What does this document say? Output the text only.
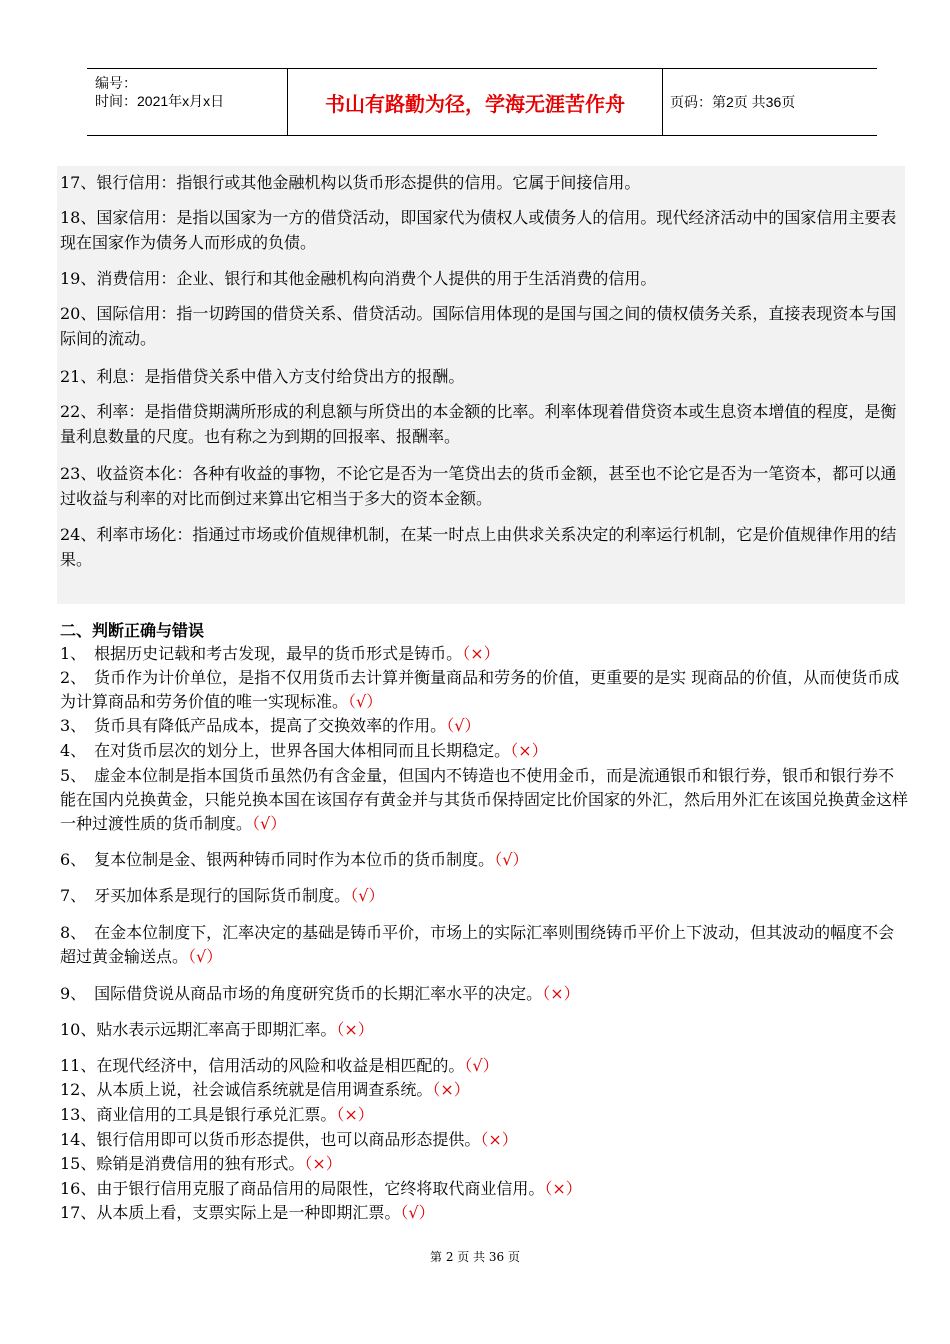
编号：
时间：2021年x月x日	书山有路勤为径，学海无涯苦作舟	页码：第2页 共36页

17、银行信用：指银行或其他金融机构以货币形态提供的信用。它属于间接信用。

18、国家信用：是指以国家为一方的借贷活动，即国家代为债权人或债务人的信用。现代经济活动中的国家信用主要表现在国家作为债务人而形成的负债。

19、消费信用：企业、银行和其他金融机构向消费个人提供的用于生活消费的信用。

20、国际信用：指一切跨国的借贷关系、借贷活动。国际信用体现的是国与国之间的债权债务关系，直接表现资本与国际间的流动。

21、利息：是指借贷关系中借入方支付给贷出方的报酬。

22、利率：是指借贷期满所形成的利息额与所贷出的本金额的比率。利率体现着借贷资本或生息资本增值的程度，是衡量利息数量的尺度。也有称之为到期的回报率、报酬率。

23、收益资本化：各种有收益的事物，不论它是否为一笔贷出去的货币金额，甚至也不论它是否为一笔资本，都可以通过收益与利率的对比而倒过来算出它相当于多大的资本金额。

24、利率市场化：指通过市场或价值规律机制，在某一时点上由供求关系决定的利率运行机制，它是价值规律作用的结果。

二、判断正确与错误
1、　根据历史记载和考古发现，最早的货币形式是铸币。（×）
2、　货币作为计价单位，是指不仅用货币去计算并衡量商品和劳务的价值，更重要的是实 现商品的价值，从而使货币成为计算商品和劳务价值的唯一实现标准。（√）
3、　货币具有降低产品成本，提高了交换效率的作用。（√）
4、　在对货币层次的划分上，世界各国大体相同而且长期稳定。（×）
5、　虚金本位制是指本国货币虽然仍有含金量，但国内不铸造也不使用金币，而是流通银币和银行券，银币和银行券不能在国内兑换黄金，只能兑换本国在该国存有黄金并与其货币保持固定比价国家的外汇，然后用外汇在该国兑换黄金这样一种过渡性质的货币制度。（√）
6、　复本位制是金、银两种铸币同时作为本位币的货币制度。（√）
7、　牙买加体系是现行的国际货币制度。（√）
8、　在金本位制度下，汇率决定的基础是铸币平价，市场上的实际汇率则围绕铸币平价上下波动，但其波动的幅度不会超过黄金输送点。（√）
9、　国际借贷说从商品市场的角度研究货币的长期汇率水平的决定。（×）
10、贴水表示远期汇率高于即期汇率。（×）
11、在现代经济中，信用活动的风险和收益是相匹配的。（√）
12、从本质上说，社会诚信系统就是信用调查系统。（×）
13、商业信用的工具是银行承兑汇票。（×）
14、银行信用即可以货币形态提供，也可以商品形态提供。（×）
15、赊销是消费信用的独有形式。（×）
16、由于银行信用克服了商品信用的局限性，它终将取代商业信用。（×）
17、从本质上看，支票实际上是一种即期汇票。（√）
第 2 页 共 36 页
